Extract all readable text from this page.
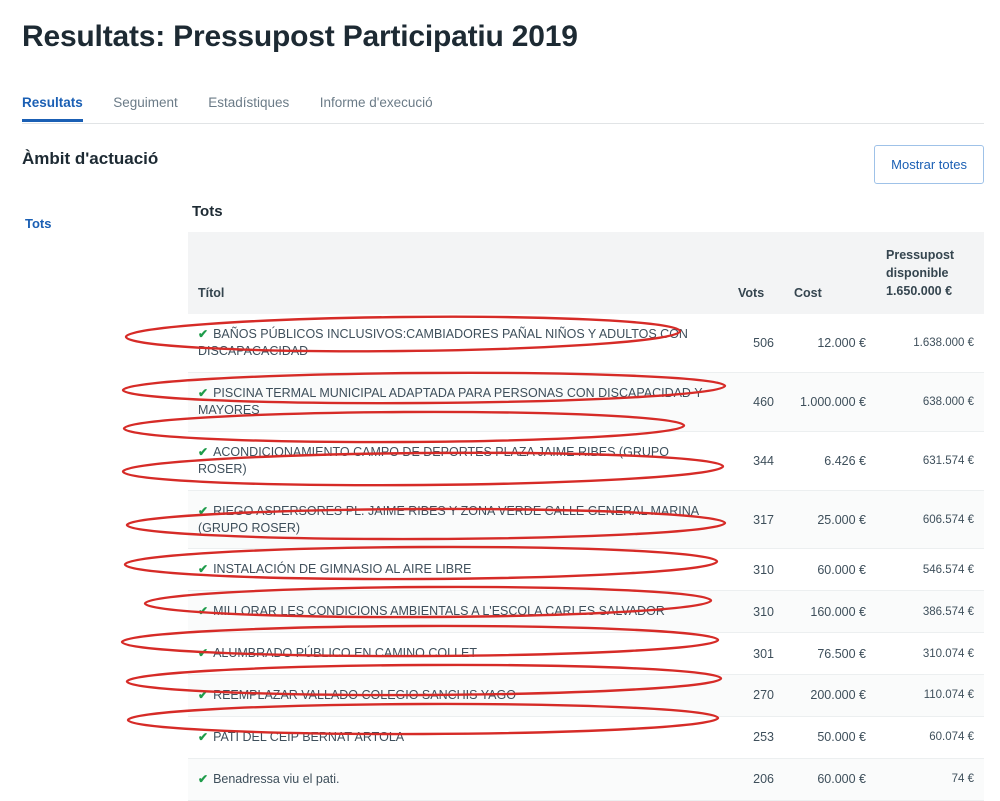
Resultats: Pressupost Participatiu 2019
Resultats Seguiment Estadístiques Informe d'execució
Àmbit d'actuació
Tots
Mostrar totes
Tots
Títol	Vots	Cost	Pressupost
disponible
1.650.000 €

✔ BAÑOS PÚBLICOS INCLUSIVOS:CAMBIADORES PAÑAL NIÑOS Y ADULTOS CON DISCAPACACIDAD	506	12.000 €	1.638.000 €
✔ PISCINA TERMAL MUNICIPAL ADAPTADA PARA PERSONAS CON DISCAPACIDAD Y MAYORES	460	1.000.000 €	638.000 €
✔ ACONDICIONAMIENTO CAMPO DE DEPORTES PLAZA JAIME RIBES (GRUPO ROSER)	344	6.426 €	631.574 €
✔ RIEGO ASPERSORES PL. JAIME RIBES Y ZONA VERDE CALLE GENERAL MARINA (GRUPO ROSER)	317	25.000 €	606.574 €
✔ INSTALACIÓN DE GIMNASIO AL AIRE LIBRE	310	60.000 €	546.574 €
✔ MILLORAR LES CONDICIONS AMBIENTALS A L'ESCOLA CARLES SALVADOR	310	160.000 €	386.574 €
✔ ALUMBRADO PÚBLICO EN CAMINO COLLET	301	76.500 €	310.074 €
✔ REEMPLAZAR VALLADO COLEGIO SANCHIS YAGO	270	200.000 €	110.074 €
✔ PATI DEL CEIP BERNAT ARTOLA	253	50.000 €	60.074 €
✔ Benadressa viu el pati.	206	60.000 €	74 €
